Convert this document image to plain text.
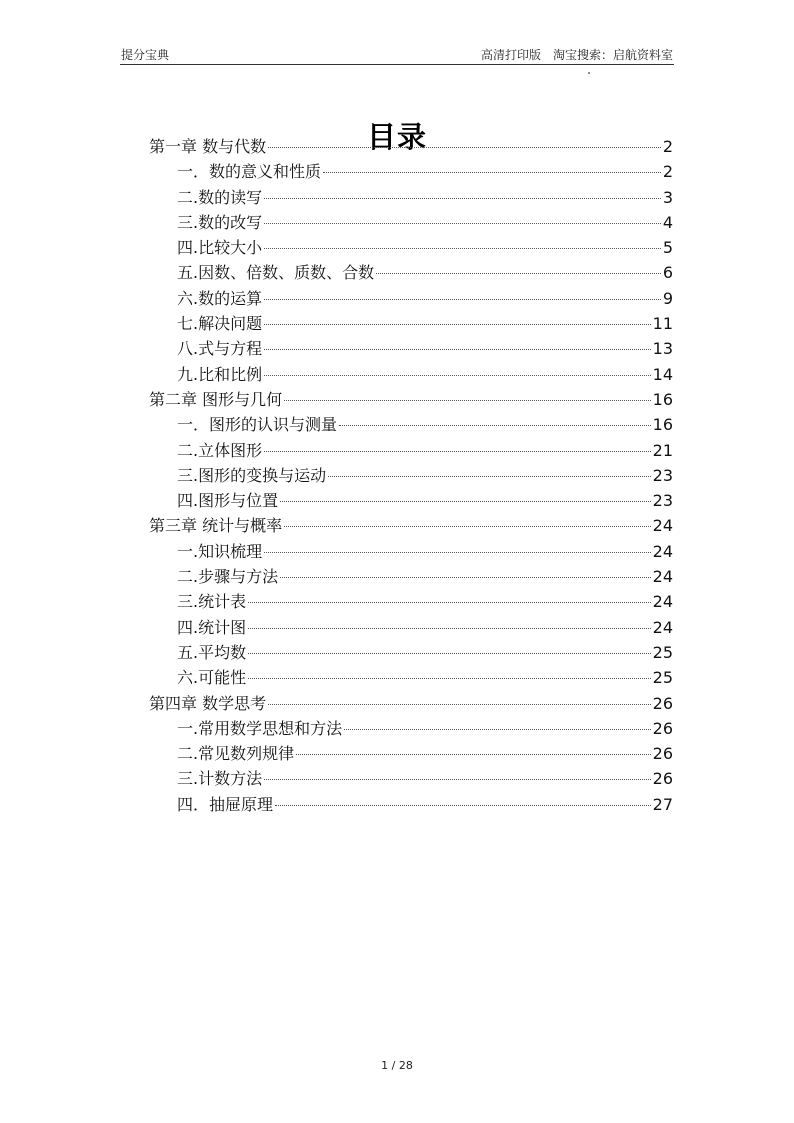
提分宝典	高清打印版 淘宝搜索：启航资料室
目录
第一章 数与代数	2
一．数的意义和性质	2
二.数的读写	3
三.数的改写	4
四.比较大小	5
五.因数、倍数、质数、合数	6
六.数的运算	9
七.解决问题	11
八.式与方程	13
九.比和比例	14
第二章 图形与几何	16
一．图形的认识与测量	16
二.立体图形	21
三.图形的变换与运动	23
四.图形与位置	23
第三章 统计与概率	24
一.知识梳理	24
二.步骤与方法	24
三.统计表	24
四.统计图	24
五.平均数	25
六.可能性	25
第四章 数学思考	26
一.常用数学思想和方法	26
二.常见数列规律	26
三.计数方法	26
四．抽屉原理	27
1 / 28
